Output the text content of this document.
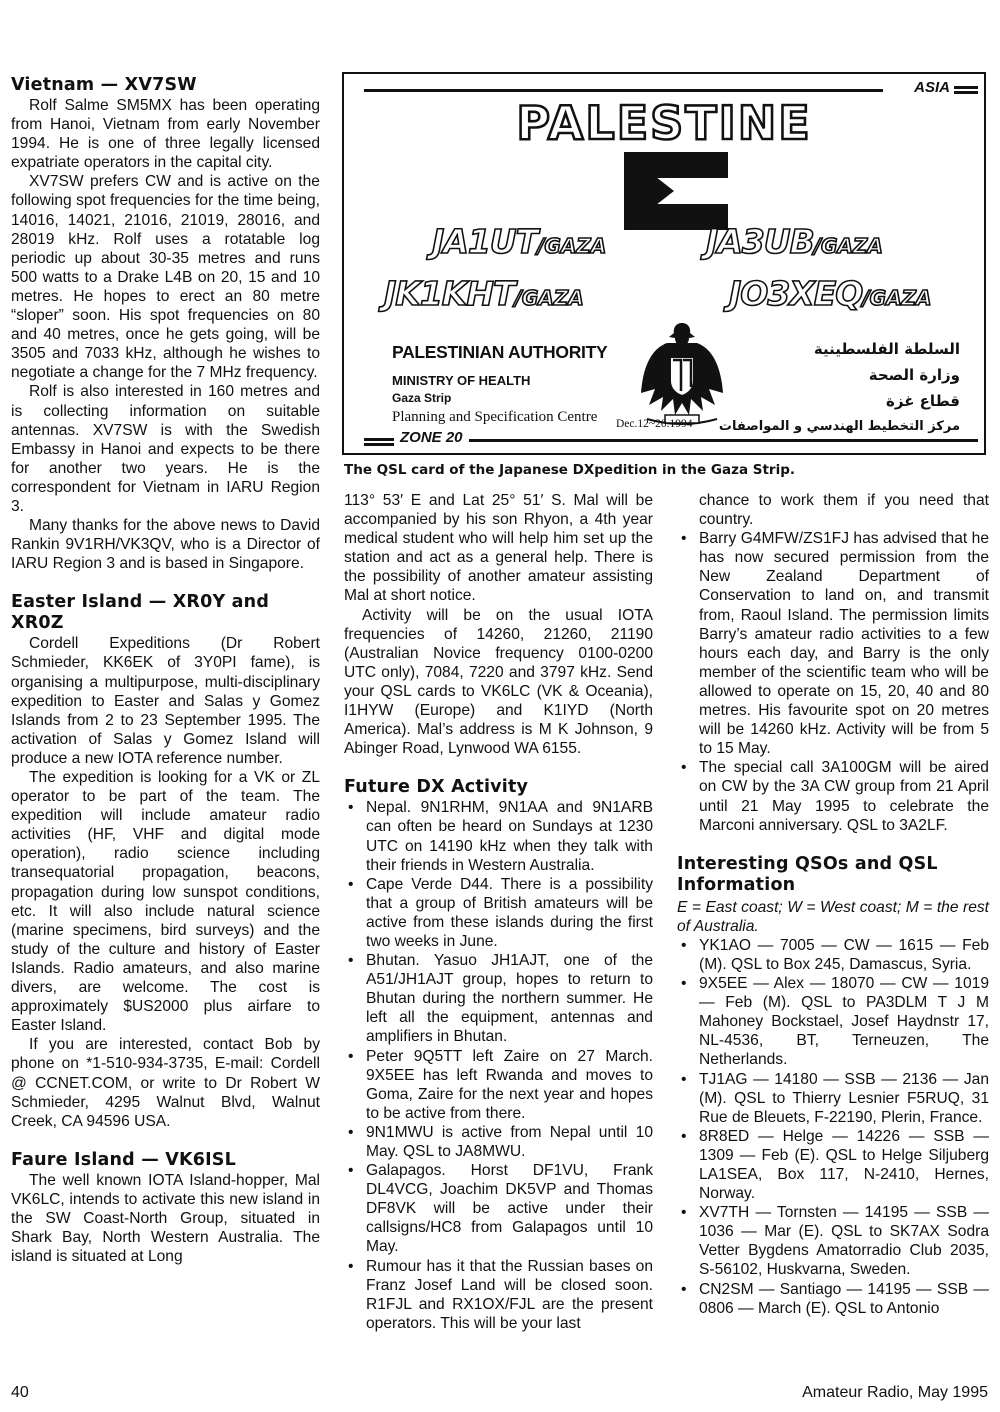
Vietnam — XV7SW

Rolf Salme SM5MX has been operating from Hanoi, Vietnam from early November 1994. He is one of three legally licensed expatriate operators in the capital city.

XV7SW prefers CW and is active on the following spot frequencies for the time being, 14016, 14021, 21016, 21019, 28016, and 28019 kHz. Rolf uses a rotatable log periodic up about 30-35 metres and runs 500 watts to a Drake L4B on 20, 15 and 10 metres. He hopes to erect an 80 metre “sloper” soon. His spot frequencies on 80 and 40 metres, once he gets going, will be 3505 and 7033 kHz, although he wishes to negotiate a change for the 7 MHz frequency.

Rolf is also interested in 160 metres and is collecting information on suitable antennas. XV7SW is with the Swedish Embassy in Hanoi and expects to be there for another two years. He is the correspondent for Vietnam in IARU Region 3.

Many thanks for the above news to David Rankin 9V1RH/VK3QV, who is a Director of IARU Region 3 and is based in Singapore.

Easter Island — XR0Y and XR0Z

Cordell Expeditions (Dr Robert Schmieder, KK6EK of 3Y0PI fame), is organising a multipurpose, multi-disciplinary expedition to Easter and Salas y Gomez Islands from 2 to 23 September 1995. The activation of Salas y Gomez Island will produce a new IOTA reference number.

The expedition is looking for a VK or ZL operator to be part of the team. The expedition will include amateur radio activities (HF, VHF and digital mode operation), radio science including transequatorial propagation, beacons, propagation during low sunspot conditions, etc. It will also include natural science (marine specimens, bird surveys) and the study of the culture and history of Easter Islands. Radio amateurs, and also marine divers, are welcome. The cost is approximately $US2000 plus airfare to Easter Island.

If you are interested, contact Bob by phone on *1-510-934-3735, E-mail: Cordell @ CCNET.COM, or write to Dr Robert W Schmieder, 4295 Walnut Blvd, Walnut Creek, CA 94596 USA.

Faure Island — VK6ISL

The well known IOTA Island-hopper, Mal VK6LC, intends to activate this new island in the SW Coast-North Group, situated in Shark Bay, North Western Australia. The island is situated at Long

ASIA
PALESTINE
JA1UT/GAZA	JA3UB/GAZA
JK1KHT/GAZA	JO3XEQ/GAZA
PALESTINIAN AUTHORITY
MINISTRY OF HEALTH
Gaza Strip
Planning and Specification Centre	Dec.12~20.1994
السلطة الفلسطينية
وزارة الصحة
قطاع غزة
مركز التخطيط الهندسي و المواصفات
ZONE 20
The QSL card of the Japanese DXpedition in the Gaza Strip.

113° 53′ E and Lat 25° 51′ S. Mal will be accompanied by his son Rhyon, a 4th year medical student who will help him set up the station and act as a general help. There is the possibility of another amateur assisting Mal at short notice.

Activity will be on the usual IOTA frequencies of 14260, 21260, 21190 (Australian Novice frequency 0100-0200 UTC only), 7084, 7220 and 3797 kHz. Send your QSL cards to VK6LC (VK & Oceania), I1HYW (Europe) and K1IYD (North America). Mal’s address is M K Johnson, 9 Abinger Road, Lynwood WA 6155.

Future DX Activity
• Nepal. 9N1RHM, 9N1AA and 9N1ARB can often be heard on Sundays at 1230 UTC on 14190 kHz when they talk with their friends in Western Australia.
• Cape Verde D44. There is a possibility that a group of British amateurs will be active from these islands during the first two weeks in June.
• Bhutan. Yasuo JH1AJT, one of the A51/JH1AJT group, hopes to return to Bhutan during the northern summer. He left all the equipment, antennas and amplifiers in Bhutan.
• Peter 9Q5TT left Zaire on 27 March. 9X5EE has left Rwanda and moves to Goma, Zaire for the next year and hopes to be active from there.
• 9N1MWU is active from Nepal until 10 May. QSL to JA8MWU.
• Galapagos. Horst DF1VU, Frank DL4VCG, Joachim DK5VP and Thomas DF8VK will be active under their callsigns/HC8 from Galapagos until 10 May.
• Rumour has it that the Russian bases on Franz Josef Land will be closed soon. R1FJL and RX1OX/FJL are the present operators. This will be your last

chance to work them if you need that country.

• Barry G4MFW/ZS1FJ has advised that he has now secured permission from the New Zealand Department of Conservation to land on, and transmit from, Raoul Island. The permission limits Barry’s amateur radio activities to a few hours each day, and Barry is the only member of the scientific team who will be allowed to operate on 15, 20, 40 and 80 metres. His favourite spot on 20 metres will be 14260 kHz. Activity will be from 5 to 15 May.
• The special call 3A100GM will be aired on CW by the 3A CW group from 21 April until 21 May 1995 to celebrate the Marconi anniversary. QSL to 3A2LF.
Interesting QSOs and QSL Information

E = East coast; W = West coast; M = the rest of Australia.

• YK1AO — 7005 — CW — 1615 — Feb (M). QSL to Box 245, Damascus, Syria.
• 9X5EE — Alex — 18070 — CW — 1019 — Feb (M). QSL to PA3DLM T J M Mahoney Bockstael, Josef Haydnstr 17, NL-4536, BT, Terneuzen, The Netherlands.
• TJ1AG — 14180 — SSB — 2136 — Jan (M). QSL to Thierry Lesnier F5RUQ, 31 Rue de Bleuets, F-22190, Plerin, France.
• 8R8ED — Helge — 14226 — SSB — 1309 — Feb (E). QSL to Helge Siljuberg LA1SEA, Box 117, N-2410, Hernes, Norway.
• XV7TH — Tornsten — 14195 — SSB — 1036 — Mar (E). QSL to SK7AX Sodra Vetter Bygdens Amatorradio Club 2035, S-56102, Huskvarna, Sweden.
• CN2SM — Santiago — 14195 — SSB — 0806 — March (E). QSL to Antonio
40	Amateur Radio, May 1995
